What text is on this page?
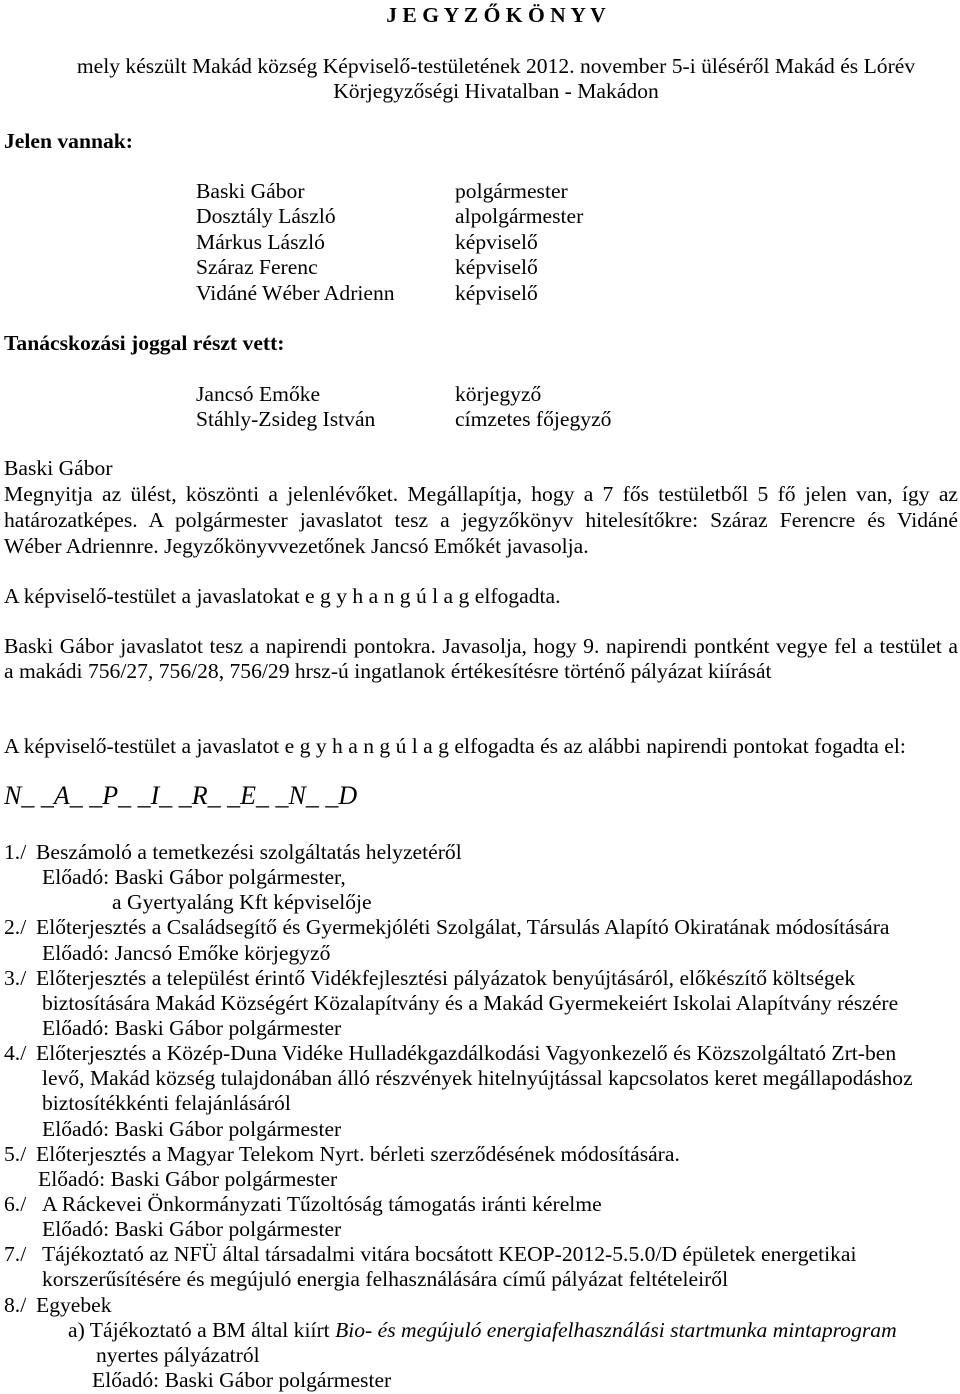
J E G Y Z Ő K Ö N Y V
mely készült Makád község Képviselő-testületének 2012. november 5-i üléséről Makád és Lórév
Körjegyzőségi Hivatalban - Makádon
Jelen vannak:
Baski Gábor	polgármester
Dosztály László	alpolgármester
Márkus László	képviselő
Száraz Ferenc	képviselő
Vidáné Wéber Adrienn	képviselő
Tanácskozási joggal részt vett:
Jancsó Emőke	körjegyző
Stáhly-Zsideg István	címzetes főjegyző
Baski Gábor
Megnyitja az ülést, köszönti a jelenlévőket. Megállapítja, hogy a 7 fős testületből 5 fő jelen van, így az
határozatképes. A polgármester javaslatot tesz a jegyzőkönyv hitelesítőkre: Száraz Ferencre és Vidáné
Wéber Adriennre. Jegyzőkönyvvezetőnek Jancsó Emőkét javasolja.
A képviselő-testület a javaslatokat e g y h a n g ú l a g elfogadta.
Baski Gábor javaslatot tesz a napirendi pontokra. Javasolja, hogy 9. napirendi pontként vegye fel a testület a
a makádi 756/27, 756/28, 756/29 hrsz-ú ingatlanok értékesítésre történő pályázat kiírását
A képviselő-testület a javaslatot e g y h a n g ú l a g elfogadta és az alábbi napirendi pontokat fogadta el:
N_ _A_ _P_ _I_ _R_ _E_ _N_ _D
1./ Beszámoló a temetkezési szolgáltatás helyzetéről
Előadó: Baski Gábor polgármester,
a Gyertyaláng Kft képviselője
2./ Előterjesztés a Családsegítő és Gyermekjóléti Szolgálat, Társulás Alapító Okiratának módosítására
Előadó: Jancsó Emőke körjegyző
3./ Előterjesztés a települést érintő Vidékfejlesztési pályázatok benyújtásáról, előkészítő költségek
biztosítására Makád Községért Közalapítvány és a Makád Gyermekeiért Iskolai Alapítvány részére
Előadó: Baski Gábor polgármester
4./ Előterjesztés a Közép-Duna Vidéke Hulladékgazdálkodási Vagyonkezelő és Közszolgáltató Zrt-ben
levő, Makád község tulajdonában álló részvények hitelnyújtással kapcsolatos keret megállapodáshoz
biztosítékkénti felajánlásáról
Előadó: Baski Gábor polgármester
5./ Előterjesztés a Magyar Telekom Nyrt. bérleti szerződésének módosítására.
Előadó: Baski Gábor polgármester
6./ A Ráckevei Önkormányzati Tűzoltóság támogatás iránti kérelme
Előadó: Baski Gábor polgármester
7./ Tájékoztató az NFÜ által társadalmi vitára bocsátott KEOP-2012-5.5.0/D épületek energetikai
korszerűsítésére és megújuló energia felhasználására című pályázat feltételeiről
8./ Egyebek
a) Tájékoztató a BM által kiírt Bio- és megújuló energiafelhasználási startmunka mintaprogram
nyertes pályázatról
Előadó: Baski Gábor polgármester
